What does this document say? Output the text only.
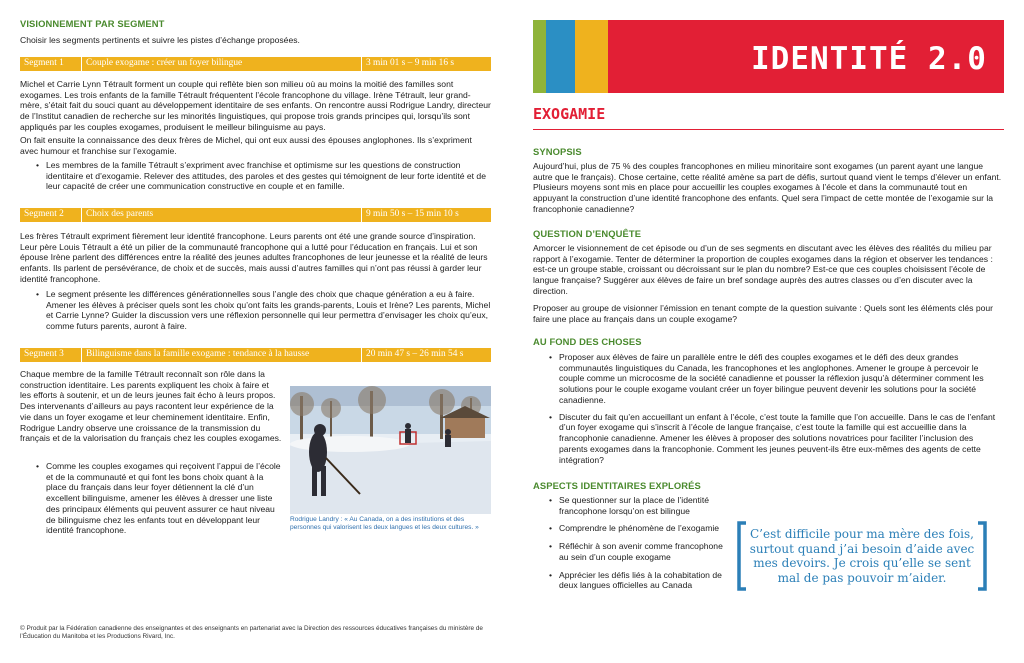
VISIONNEMENT PAR SEGMENT

Choisir les segments pertinents et suivre les pistes d’échange proposées.

Segment 1	Couple exogame : créer un foyer bilingue	3 min 01 s – 9 min 16 s

Michel et Carrie Lynn Tétrault forment un couple qui reflète bien son milieu où au moins la moitié des familles sont exogames. Les trois enfants de la famille Tétrault fréquentent l’école francophone du village. Irène Tétrault, leur grand-mère, s’était fait du souci quant au développement identitaire de ses enfants. On rencontre aussi Rodrigue Landry, directeur de l’Institut canadien de recherche sur les minorités linguistiques, qui propose trois grands principes qui, lorsqu’ils sont appliqués par les couples exogames, produisent le meilleur bilinguisme au pays.

On fait ensuite la connaissance des deux frères de Michel, qui ont eux aussi des épouses anglophones. Ils s’expriment avec humour et franchise sur l’exogamie.

• Les membres de la famille Tétrault s’expriment avec franchise et optimisme sur les questions de construction identitaire et d’exogamie. Relever des attitudes, des paroles et des gestes qui témoignent de leur forte identité et de leur capacité de créer une communication constructive en couple et en famille.
Segment 2	Choix des parents	9 min 50 s – 15 min 10 s

Les frères Tétrault expriment fièrement leur identité francophone. Leurs parents ont été une grande source d’inspiration. Leur père Louis Tétrault a été un pilier de la communauté francophone qui a lutté pour l’éducation en français. Lui et son épouse Irène parlent des différences entre la réalité des jeunes adultes francophones de leur jeunesse et la réalité de leurs enfants. Ils parlent de persévérance, de choix et de succès, mais aussi d’autres familles qui n’ont pas réussi à garder leur identité francophone.

• Le segment présente les différences générationnelles sous l’angle des choix que chaque génération a eu à faire. Amener les élèves à préciser quels sont les choix qu’ont faits les grands-parents, Louis et Irène? Les parents, Michel et Carrie Lynne? Guider la discussion vers une réflexion personnelle qui leur permettra d’envisager les choix qu’eux, comme futurs parents, auront à faire.
Segment 3	Bilinguisme dans la famille exogame : tendance à la hausse	20 min 47 s – 26 min 54 s

Chaque membre de la famille Tétrault reconnaît son rôle dans la construction identitaire. Les parents expliquent les choix à faire et les efforts à soutenir, et un de leurs jeunes fait écho à leurs propos. Des intervenants d’ailleurs au pays racontent leur expérience de la vie dans un foyer exogame et leur cheminement identitaire. Enfin, Rodrigue Landry observe une croissance de la transmission du français et de la valorisation du français chez les couples exogames.

• Comme les couples exogames qui reçoivent l’appui de l’école et de la communauté et qui font les bons choix quant à la place du français dans leur foyer détiennent la clé d’un excellent bilinguisme, amener les élèves à dresser une liste des principaux éléments qui peuvent assurer ce haut niveau de bilinguisme chez les enfants tout en développant leur identité francophone.

Rodrigue Landry : « Au Canada, on a des institutions et des personnes qui valorisent les deux langues et les deux cultures. »

© Produit par la Fédération canadienne des enseignantes et des enseignants en partenariat avec la Direction des ressources éducatives françaises du ministère de l’Éducation du Manitoba et les Productions Rivard, Inc.

IDENTITÉ 2.0
EXOGAMIE
SYNOPSIS

Aujourd’hui, plus de 75 % des couples francophones en milieu minoritaire sont exogames (un parent ayant une langue autre que le français). Chose certaine, cette réalité amène sa part de défis, surtout quand vient le temps d’élever un enfant. Plusieurs moyens sont mis en place pour accueillir les couples exogames à l’école et dans la communauté tout en appuyant la construction d’une identité francophone des enfants. Quel sera l’impact de cette montée de l’exogamie sur la francophonie canadienne?

QUESTION D’ENQUÊTE

Amorcer le visionnement de cet épisode ou d’un de ses segments en discutant avec les élèves des réalités du milieu par rapport à l’exogamie. Tenter de déterminer la proportion de couples exogames dans la région et observer les tendances : est-ce un groupe stable, croissant ou décroissant sur le plan du nombre? Est-ce que ces couples choisissent l’école de langue française? Suggérer aux élèves de faire un bref sondage auprès des autres classes ou d’en discuter avec la direction.

Proposer au groupe de visionner l’émission en tenant compte de la question suivante : Quels sont les éléments clés pour faire une place au français dans un couple exogame?

AU FOND DES CHOSES
• Proposer aux élèves de faire un parallèle entre le défi des couples exogames et le défi des deux grandes communautés linguistiques du Canada, les francophones et les anglophones. Amener le groupe à percevoir le couple comme un microcosme de la société canadienne et pousser la réflexion jusqu’à déterminer comment les solutions pour le couple exogame voulant créer un foyer bilingue peuvent devenir les solutions pour la société canadienne.
• Discuter du fait qu’en accueillant un enfant à l’école, c’est toute la famille que l’on accueille. Dans le cas de l’enfant d’un foyer exogame qui s’inscrit à l’école de langue française, c’est toute la famille qui est accueillie dans la francophonie canadienne. Amener les élèves à proposer des solutions novatrices pour faciliter l’inclusion des parents exogames dans la francophonie. Comment les jeunes peuvent-ils être eux-mêmes des agents de cette intégration?
ASPECTS IDENTITAIRES EXPLORÉS
• Se questionner sur la place de l’identité francophone lorsqu’on est bilingue
• Comprendre le phénomène de l’exogamie
• Réfléchir à son avenir comme francophone au sein d’un couple exogame
• Apprécier les défis liés à la cohabitation de deux langues officielles au Canada
C’est difficile pour ma mère des fois, surtout quand j’ai besoin d’aide avec mes devoirs. Je crois qu’elle se sent mal de pas pouvoir m’aider.
